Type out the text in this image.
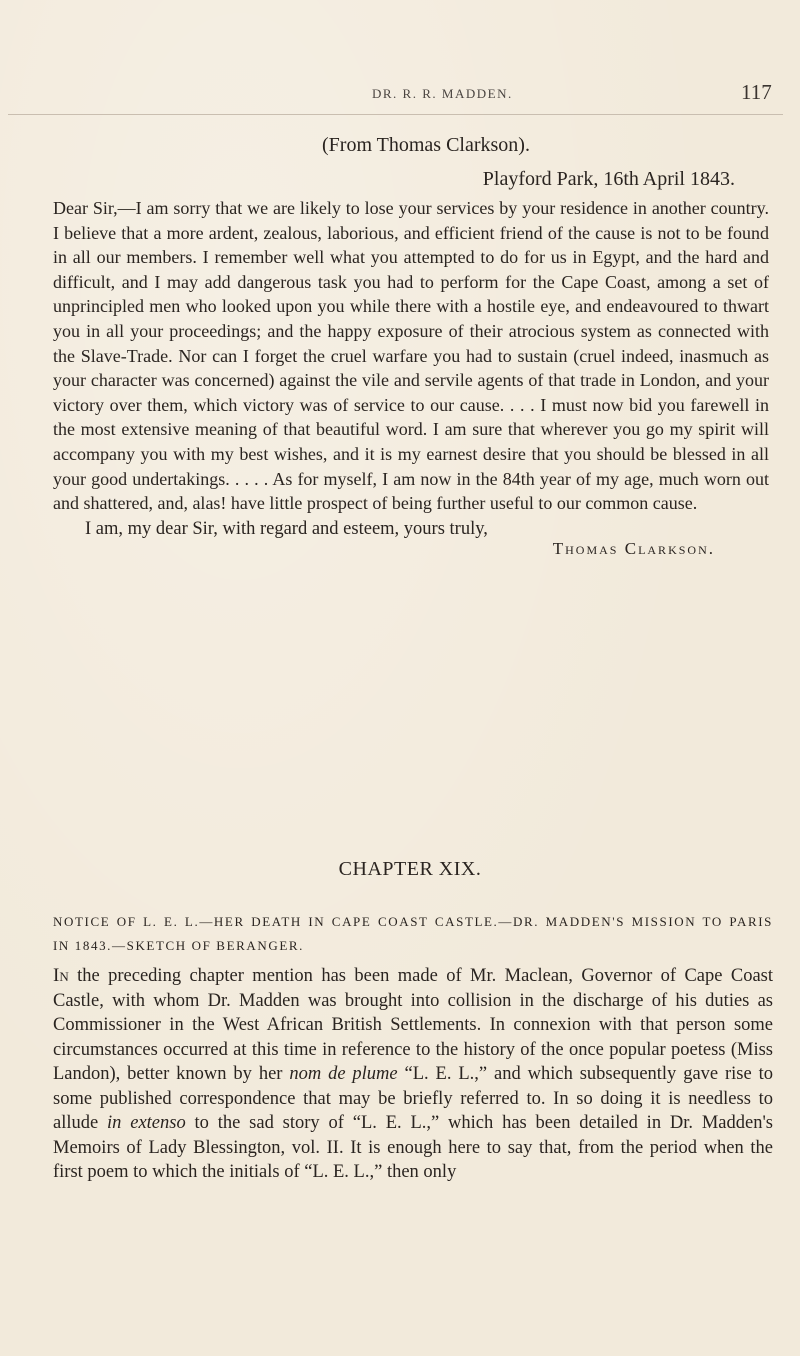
DR. R. R. MADDEN.	117
(From Thomas Clarkson).
Playford Park, 16th April 1843.
Dear Sir,—I am sorry that we are likely to lose your services by your residence in another country. I believe that a more ardent, zealous, laborious, and efficient friend of the cause is not to be found in all our members. I remember well what you attempted to do for us in Egypt, and the hard and difficult, and I may add dangerous task you had to perform for the Cape Coast, among a set of unprincipled men who looked upon you while there with a hostile eye, and endeavoured to thwart you in all your proceedings; and the happy exposure of their atrocious system as connected with the Slave-Trade. Nor can I forget the cruel warfare you had to sustain (cruel indeed, inasmuch as your character was concerned) against the vile and servile agents of that trade in London, and your victory over them, which victory was of service to our cause. . . . I must now bid you farewell in the most extensive meaning of that beautiful word. I am sure that wherever you go my spirit will accompany you with my best wishes, and it is my earnest desire that you should be blessed in all your good undertakings. . . . . As for myself, I am now in the 84th year of my age, much worn out and shattered, and, alas! have little prospect of being further useful to our common cause.
I am, my dear Sir, with regard and esteem, yours truly,
Thomas Clarkson.
CHAPTER XIX.
NOTICE OF L. E. L.—HER DEATH IN CAPE COAST CASTLE.—DR. MADDEN'S MISSION TO PARIS IN 1843.—SKETCH OF BERANGER.
In the preceding chapter mention has been made of Mr. Maclean, Governor of Cape Coast Castle, with whom Dr. Madden was brought into collision in the discharge of his duties as Commissioner in the West African British Settlements. In connexion with that person some circumstances occurred at this time in reference to the history of the once popular poetess (Miss Landon), better known by her nom de plume “L. E. L.,” and which subsequently gave rise to some published correspondence that may be briefly referred to. In so doing it is needless to allude in extenso to the sad story of “L. E. L.,” which has been detailed in Dr. Madden's Memoirs of Lady Blessington, vol. II. It is enough here to say that, from the period when the first poem to which the initials of “L. E. L.,” then only
